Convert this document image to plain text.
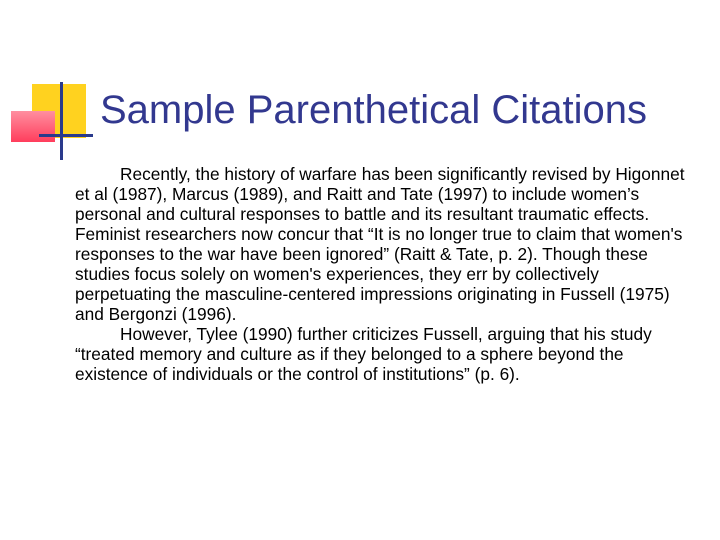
Sample Parenthetical Citations

Recently, the history of warfare has been significantly revised by Higonnet et al (1987), Marcus (1989), and Raitt and Tate (1997) to include women’s personal and cultural responses to battle and its resultant traumatic effects. Feminist researchers now concur that “It is no longer true to claim that women's responses to the war have been ignored” (Raitt & Tate, p. 2). Though these studies focus solely on women's experiences, they err by collectively perpetuating the masculine-centered impressions originating in Fussell (1975) and Bergonzi (1996).

However, Tylee (1990) further criticizes Fussell, arguing that his study “treated memory and culture as if they belonged to a sphere beyond the existence of individuals or the control of institutions” (p. 6).
